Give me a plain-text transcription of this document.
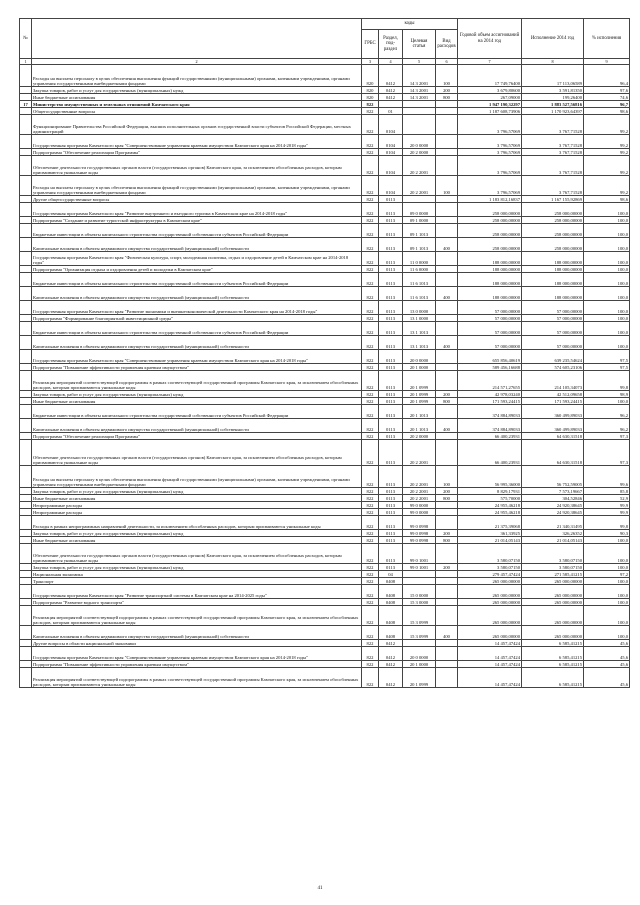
№		коды				Годовой объем ассигнований на 2014 год	Исполнение 2014 год	% исполнения
		ГРБС	Раздел, под- раздел	Целевая статья	Вид расходов			
1	2	3	4	5	6	7	8	9
	Расходы на выплаты персоналу в целях обеспечения выполнения функций государственными (муниципальными) органами, казенными учреждениями, органами управления государственными внебюджетными фондами	820	0412	14 3 2001	100	17 749,76400	17 113,06589	96,4
	Закупка товаров, работ и услуг для государственных (муниципальных) нужд	820	0412	14 3 2001	200	3 679,80600	3 591,81350	97,6
	Иные бюджетные ассигнования	820	0412	14 3 2001	800	267,09000	199,26400	74,6
17	Министерство имущественных и земельных отношений Камчатского края	822				1 947 190,32297	1 883 527,56816	96,7
	Общегосударственные вопросы	822	01			1 187 608,73906	1 170 923,64397	98,6
	Функционирование Правительства Российской Федерации, высших исполнительных органов государственной власти субъектов Российской Федерации, местных администраций	822	0104			3 796,57069	3 767,71528	99,2
	Государственная программа Камчатского края "Совершенствование управления краевым имуществом Камчатского края на 2014-2018 годы"	822	0104	20 0 0000		3 796,57069	3 767,71528	99,2
	Подпрограмма "Обеспечение реализации Программы"	822	0104	20 2 0000		3 796,57069	3 767,71528	99,2
	Обеспечение деятельности государственных органов власти (государственных органов) Камчатского края, за исключением обособленных расходов, которым присваиваются уникальные коды	822	0104	20 2 2001		3 796,57069	3 767,71528	99,2
	Расходы на выплаты персоналу в целях обеспечения выполнения функций государственными (муниципальными) органами, казенными учреждениями, органами управления государственными внебюджетными фондами	822	0104	20 2 2001	100	3 796,57069	3 767,71528	99,2
	Другие общегосударственные вопросы	822	0113			1 183 812,16837	1 167 155,92869	98,6
	Государственная программа Камчатского края "Развитие внутреннего и въездного туризма в Камчатском крае на 2014-2018 годы"	822	0113	09 0 0000		258 000,00000	258 000,00000	100,0
	Подпрограмма "Создание и развитие туристской инфраструктуры в Камчатском крае"	822	0113	09 1 0000		258 000,00000	258 000,00000	100,0
	Бюджетные инвестиции в объекты капитального строительства государственной собственности субъектов Российской Федерации	822	0113	09 1 1013		258 000,00000	258 000,00000	100,0
	Капитальные вложения в объекты недвижимого имущества государственной (муниципальной) собственности	822	0113	09 1 1013	400	258 000,00000	258 000,00000	100,0
	Государственная программа Камчатского края "Физическая культура, спорт, молодежная политика, отдых и оздоровление детей в Камчатском крае на 2014-2018 годы"	822	0113	11 0 0000		188 000,00000	188 000,00000	100,0
	Подпрограмма "Организация отдыха и оздоровления детей и молодежи в Камчатском крае"	822	0113	11 6 0000		188 000,00000	188 000,00000	100,0
	Бюджетные инвестиции в объекты капитального строительства государственной собственности субъектов Российской Федерации	822	0113	11 6 1013		188 000,00000	188 000,00000	100,0
	Капитальные вложения в объекты недвижимого имущества государственной (муниципальной) собственности	822	0113	11 6 1013	400	188 000,00000	188 000,00000	100,0
	Государственная программа Камчатского края "Развитие экономики и внешнеэкономической деятельности Камчатского края на 2014-2018 годы"	822	0113	13 0 0000		57 000,00000	57 000,00000	100,0
	Подпрограмма "Формирование благоприятной инвестиционной среды"	822	0113	13 1 0000		57 000,00000	57 000,00000	100,0
	Бюджетные инвестиции в объекты капитального строительства государственной собственности субъектов Российской Федерации	822	0113	13 1 1013		57 000,00000	57 000,00000	100,0
	Капитальные вложения в объекты недвижимого имущества государственной (муниципальной) собственности	822	0113	13 1 1013	400	57 000,00000	57 000,00000	100,0
	Государственная программа Камчатского края "Совершенствование управления краевым имуществом Камчатского края на 2014-2018 годы"	822	0113	20 0 0000		655 856,40619	639 235,54624	97,5
	Подпрограмма "Повышение эффективности управления краевым имуществом"	822	0113	20 1 0000		589 456,16688	574 605,23106	97,5
	Реализация мероприятий соответствующей подпрограммы в рамках соответствующей государственной программы Камчатского края, за исключением обособленных расходов, которым присваиваются уникальные коды	822	0113	20 1 0999		214 571,27655	214 105,34073	99,8
	Закупка товаров, работ и услуг для государственных (муниципальных) нужд	822	0113	20 1 0999	200	42 978,03240	42 512,09658	98,9
	Иные бюджетные ассигнования	822	0113	20 1 0999	800	171 593,24415	171 593,24415	100,0
	Бюджетные инвестиции в объекты капитального строительства государственной собственности субъектов Российской Федерации	822	0113	20 1 1013		374 884,89033	360 499,89033	96,2
	Капитальные вложения в объекты недвижимого имущества государственной (муниципальной) собственности	822	0113	20 1 1013	400	374 884,89033	360 499,89033	96,2
	Подпрограмма "Обеспечение реализации Программы"	822	0113	20 2 0000		66 400,23931	64 630,31518	97,3
	Обеспечение деятельности государственных органов власти (государственных органов) Камчатского края, за исключением обособленных расходов, которым присваиваются уникальные коды	822	0113	20 2 2001		66 400,23931	64 630,31518	97,3
	Расходы на выплаты персоналу в целях обеспечения выполнения функций государственными (муниципальными) органами, казенными учреждениями, органами управления государственными внебюджетными фондами	822	0113	20 2 2001	100	56 995,36000	56 752,59005	99,6
	Закупка товаров, работ и услуг для государственных (муниципальных) нужд	822	0113	20 2 2001	200	8 829,17931	7 573,19667	85,8
	Иные бюджетные ассигнования	822	0113	20 2 2001	800	575,70000	304,52846	52,9
	Непрограммные расходы	822	0113	99 0 0000		24 955,46218	24 920,38645	99,9
	Непрограммные расходы	822	0113	99 0 0000		24 955,46218	24 920,38645	99,9
	Расходы в рамках непрограммных направлений деятельности, за исключением обособленных расходов, которым присваиваются уникальные коды	822	0113	99 0 0998		21 375,39068	21 340,31495	99,8
	Закупка товаров, работ и услуг для государственных (муниципальных) нужд	822	0113	99 0 0998	200	361,33925	326,26352	90,3
	Иные бюджетные ассигнования	822	0113	99 0 0998	800	21 014,05143	21 014,05143	100,0
	Обеспечение деятельности государственных органов власти (государственных органов) Камчатского края, за исключением обособленных расходов, которым присваиваются уникальные коды	822	0113	99 0 1001		3 580,07150	3 580,07150	100,0
	Закупка товаров, работ и услуг для государственных (муниципальных) нужд	822	0113	99 0 1001	200	3 580,07150	3 580,07150	100,0
	Национальная экономика	822	04			279 457,47424	271 585,41215	97,2
	Транспорт	822	0408			265 000,00000	265 000,00000	100,0
	Государственная программа Камчатского края "Развитие транспортной системы в Камчатском крае на 2014-2025 годы"	822	0408	15 0 0000		265 000,00000	265 000,00000	100,0
	Подпрограмма "Развитие водного транспорта"	822	0408	15 3 0000		265 000,00000	265 000,00000	100,0
	Реализация мероприятий соответствующей подпрограммы в рамках соответствующей государственной программы Камчатского края, за исключением обособленных расходов, которым присваиваются уникальные коды	822	0408	15 3 0999		265 000,00000	265 000,00000	100,0
	Капитальные вложения в объекты недвижимого имущества государственной (муниципальной) собственности	822	0408	15 3 0999	400	265 000,00000	265 000,00000	100,0
	Другие вопросы в области национальной экономики	822	0412			14 457,47424	6 585,41215	45,6
	Государственная программа Камчатского края "Совершенствование управления краевым имуществом Камчатского края на 2014-2018 годы"	822	0412	20 0 0000		14 457,47424	6 585,41215	45,6
	Подпрограмма "Повышение эффективности управления краевым имуществом"	822	0412	20 1 0000		14 457,47424	6 585,41215	45,6
	Реализация мероприятий соответствующей подпрограммы в рамках соответствующей государственной программы Камчатского края, за исключением обособленных расходов, которым присваиваются уникальные коды	822	0412	20 1 0999		14 457,47424	6 585,41215	45,6
41
